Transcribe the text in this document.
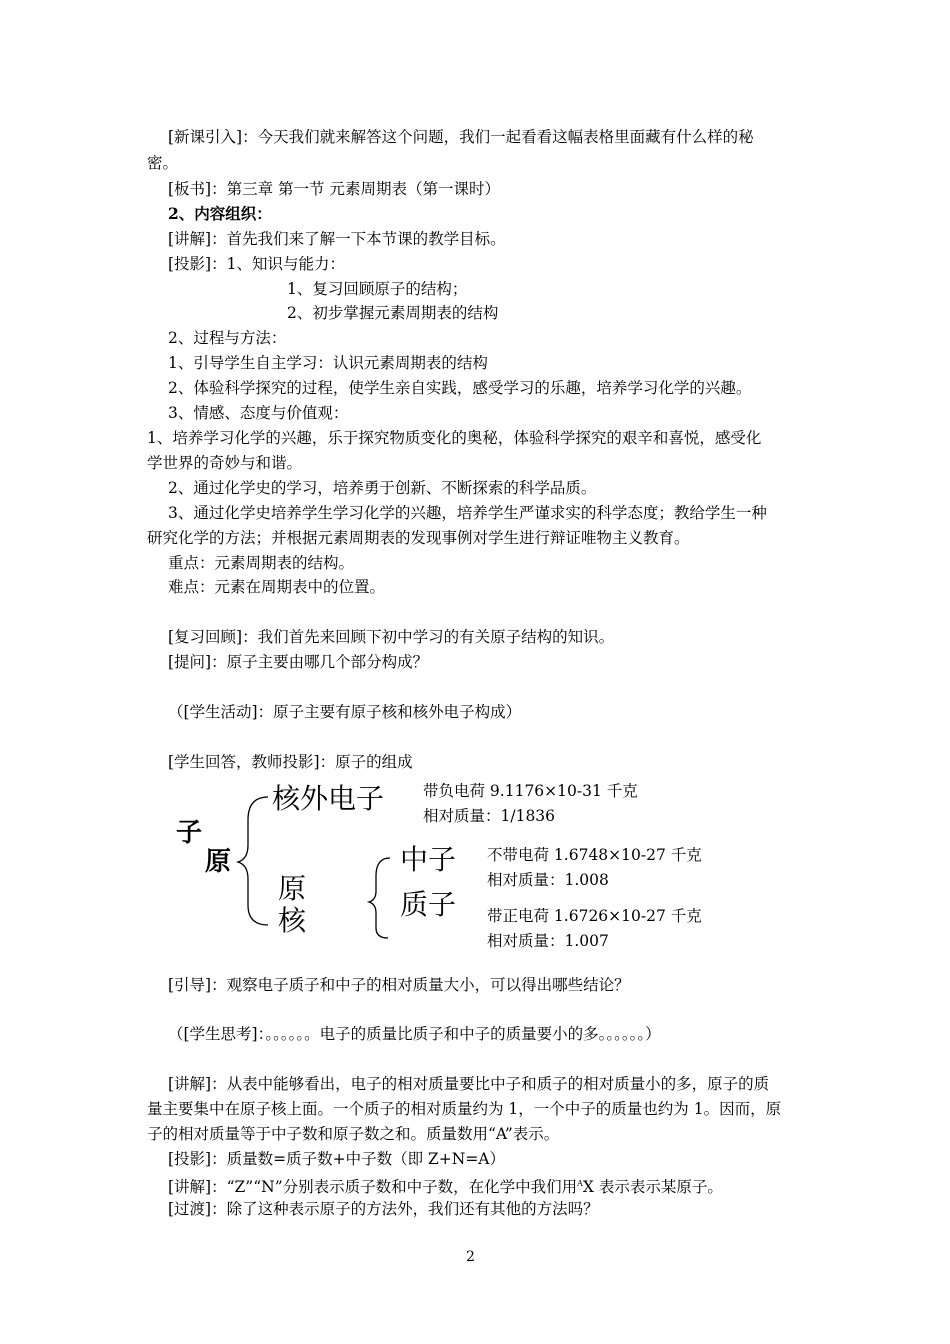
[新课引入]：今天我们就来解答这个问题，我们一起看看这幅表格里面藏有什么样的秘
密。
[板书]：第三章 第一节 元素周期表（第一课时）
2、内容组织：
[讲解]：首先我们来了解一下本节课的教学目标。
[投影]：1、知识与能力：
1、复习回顾原子的结构；
2、初步掌握元素周期表的结构
2、过程与方法：
1、引导学生自主学习：认识元素周期表的结构
2、体验科学探究的过程，使学生亲自实践，感受学习的乐趣，培养学习化学的兴趣。
3、情感、态度与价值观：
1、培养学习化学的兴趣，乐于探究物质变化的奥秘，体验科学探究的艰辛和喜悦，感受化
学世界的奇妙与和谐。
2、通过化学史的学习，培养勇于创新、不断探索的科学品质。
3、通过化学史培养学生学习化学的兴趣，培养学生严谨求实的科学态度；教给学生一种
研究化学的方法；并根据元素周期表的发现事例对学生进行辩证唯物主义教育。
重点：元素周期表的结构。
难点：元素在周期表中的位置。
[复习回顾]：我们首先来回顾下初中学习的有关原子结构的知识。
[提问]：原子主要由哪几个部分构成？
（[学生活动]：原子主要有原子核和核外电子构成）
[学生回答，教师投影]：原子的组成
子
原
核外电子
原
核
中子
质子
带负电荷 9.1176×10-31 千克
相对质量：1/1836
不带电荷 1.6748×10-27 千克
相对质量：1.008
带正电荷 1.6726×10-27 千克
相对质量：1.007
[引导]：观察电子质子和中子的相对质量大小，可以得出哪些结论？
（[学生思考]：。。。。。。电子的质量比质子和中子的质量要小的多。。。。。。）
[讲解]：从表中能够看出，电子的相对质量要比中子和质子的相对质量小的多，原子的质
量主要集中在原子核上面。一个质子的相对质量约为 1，一个中子的质量也约为 1。因而，原
子的相对质量等于中子数和原子数之和。质量数用“A”表示。
[投影]：质量数=质子数+中子数（即 Z+N=A）
[讲解]：“Z”“N”分别表示质子数和中子数，在化学中我们用$^A$X 表示表示某原子。
[过渡]：除了这种表示原子的方法外，我们还有其他的方法吗？
2
